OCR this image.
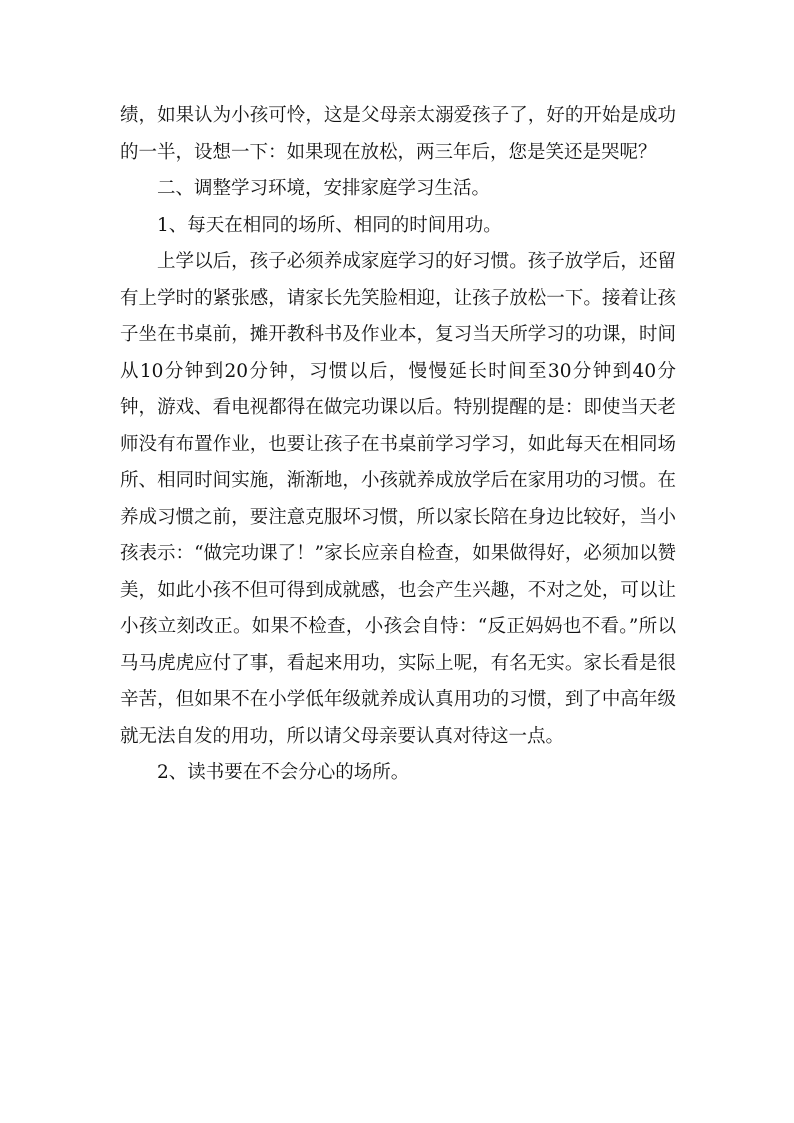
绩，如果认为小孩可怜，这是父母亲太溺爱孩子了，好的开始是成功的一半，设想一下：如果现在放松，两三年后，您是笑还是哭呢？

二、调整学习环境，安排家庭学习生活。

1、每天在相同的场所、相同的时间用功。

上学以后，孩子必须养成家庭学习的好习惯。孩子放学后，还留有上学时的紧张感，请家长先笑脸相迎，让孩子放松一下。接着让孩子坐在书桌前，摊开教科书及作业本，复习当天所学习的功课，时间从10分钟到20分钟，习惯以后，慢慢延长时间至30分钟到40分钟，游戏、看电视都得在做完功课以后。特别提醒的是：即使当天老师没有布置作业，也要让孩子在书桌前学习学习，如此每天在相同场所、相同时间实施，渐渐地，小孩就养成放学后在家用功的习惯。在养成习惯之前，要注意克服坏习惯，所以家长陪在身边比较好，当小孩表示：“做完功课了！”家长应亲自检查，如果做得好，必须加以赞美，如此小孩不但可得到成就感，也会产生兴趣，不对之处，可以让小孩立刻改正。如果不检查，小孩会自恃：“反正妈妈也不看。”所以马马虎虎应付了事，看起来用功，实际上呢，有名无实。家长看是很辛苦，但如果不在小学低年级就养成认真用功的习惯，到了中高年级就无法自发的用功，所以请父母亲要认真对待这一点。

2、读书要在不会分心的场所。
